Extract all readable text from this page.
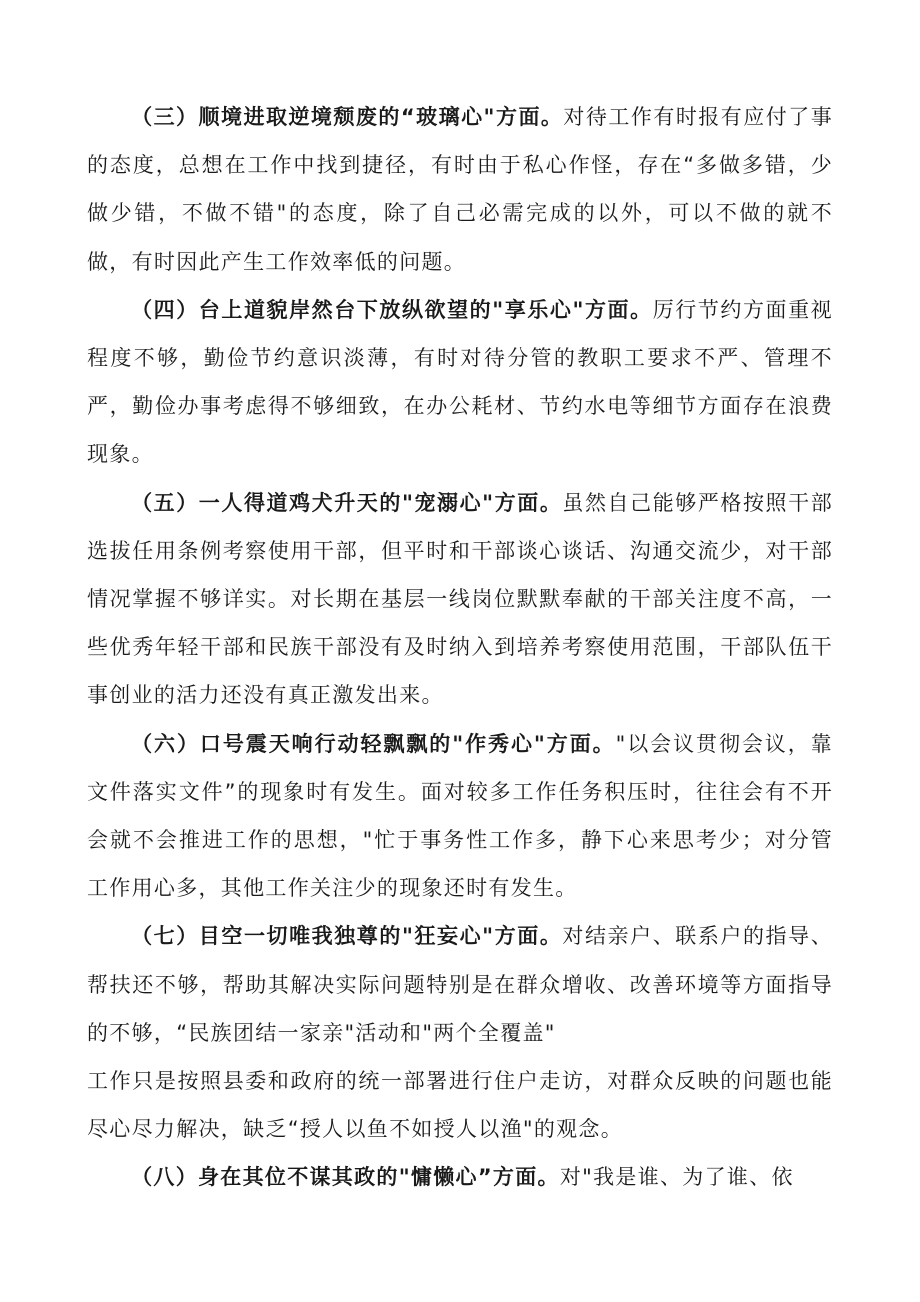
（三）顺境进取逆境颓废的“玻璃心"方面。对待工作有时报有应付了事的态度，总想在工作中找到捷径，有时由于私心作怪，存在“多做多错，少做少错，不做不错"的态度，除了自己必需完成的以外，可以不做的就不做，有时因此产生工作效率低的问题。

（四）台上道貌岸然台下放纵欲望的"享乐心"方面。厉行节约方面重视程度不够，勤俭节约意识淡薄，有时对待分管的教职工要求不严、管理不严，勤俭办事考虑得不够细致，在办公耗材、节约水电等细节方面存在浪费现象。

（五）一人得道鸡犬升天的"宠溺心"方面。虽然自己能够严格按照干部选拔任用条例考察使用干部，但平时和干部谈心谈话、沟通交流少，对干部情况掌握不够详实。对长期在基层一线岗位默默奉献的干部关注度不高，一些优秀年轻干部和民族干部没有及时纳入到培养考察使用范围，干部队伍干事创业的活力还没有真正激发出来。

（六）口号震天响行动轻飘飘的"作秀心"方面。"以会议贯彻会议，靠文件落实文件”的现象时有发生。面对较多工作任务积压时，往往会有不开会就不会推进工作的思想，"忙于事务性工作多，静下心来思考少；对分管工作用心多，其他工作关注少的现象还时有发生。

（七）目空一切唯我独尊的"狂妄心"方面。对结亲户、联系户的指导、帮扶还不够，帮助其解决实际问题特别是在群众增收、改善环境等方面指导的不够，“民族团结一家亲"活动和"两个全覆盖"

工作只是按照县委和政府的统一部署进行住户走访，对群众反映的问题也能尽心尽力解决，缺乏“授人以鱼不如授人以渔"的观念。

（八）身在其位不谋其政的"慵懒心”方面。对"我是谁、为了谁、依
